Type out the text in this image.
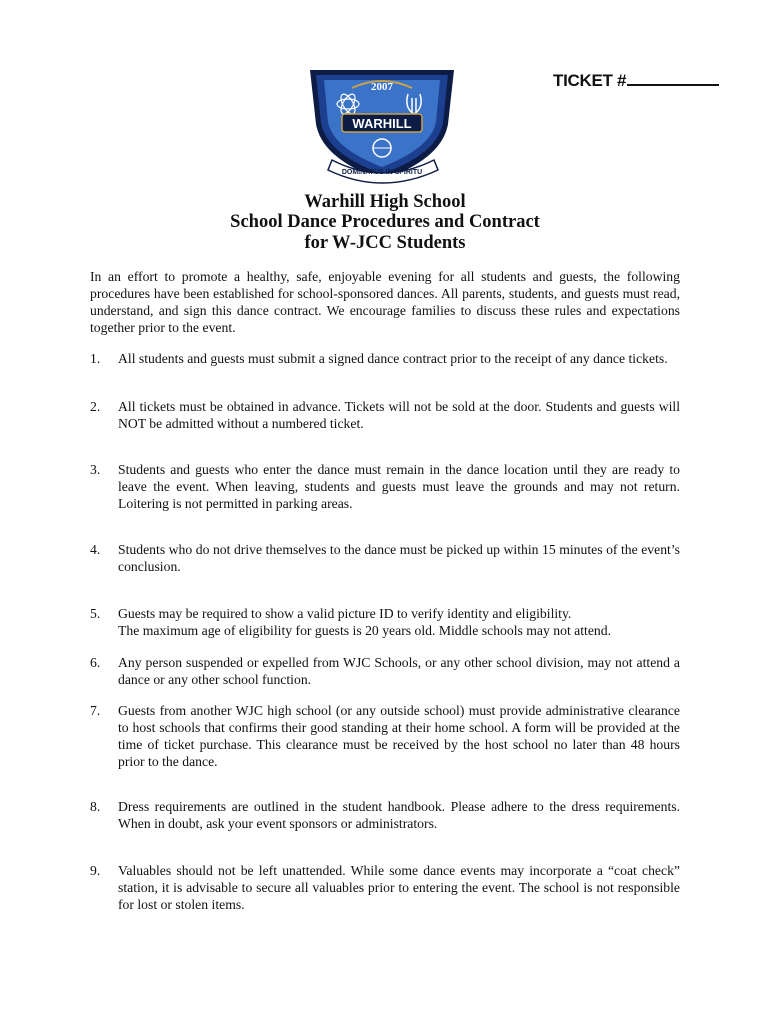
TICKET #
2007
WARHILL
DOMINATUS IN SPIRITU
Warhill High School
School Dance Procedures and Contract
for W-JCC Students
In an effort to promote a healthy, safe, enjoyable evening for all students and guests, the following procedures have been established for school-sponsored dances. All parents, students, and guests must read, understand, and sign this dance contract. We encourage families to discuss these rules and expectations together prior to the event.
1.	All students and guests must submit a signed dance contract prior to the receipt of any dance tickets.
2.	All tickets must be obtained in advance. Tickets will not be sold at the door. Students and guests will NOT be admitted without a numbered ticket.
3.	Students and guests who enter the dance must remain in the dance location until they are ready to leave the event. When leaving, students and guests must leave the grounds and may not return. Loitering is not permitted in parking areas.
4.	Students who do not drive themselves to the dance must be picked up within 15 minutes of the event’s conclusion.
5.	Guests may be required to show a valid picture ID to verify identity and eligibility.
The maximum age of eligibility for guests is 20 years old. Middle schools may not attend.
6.	Any person suspended or expelled from WJC Schools, or any other school division, may not attend a dance or any other school function.
7.	Guests from another WJC high school (or any outside school) must provide administrative clearance to host schools that confirms their good standing at their home school. A form will be provided at the time of ticket purchase. This clearance must be received by the host school no later than 48 hours prior to the dance.
8.	Dress requirements are outlined in the student handbook. Please adhere to the dress requirements. When in doubt, ask your event sponsors or administrators.
9.	Valuables should not be left unattended. While some dance events may incorporate a “coat check” station, it is advisable to secure all valuables prior to entering the event. The school is not responsible for lost or stolen items.
